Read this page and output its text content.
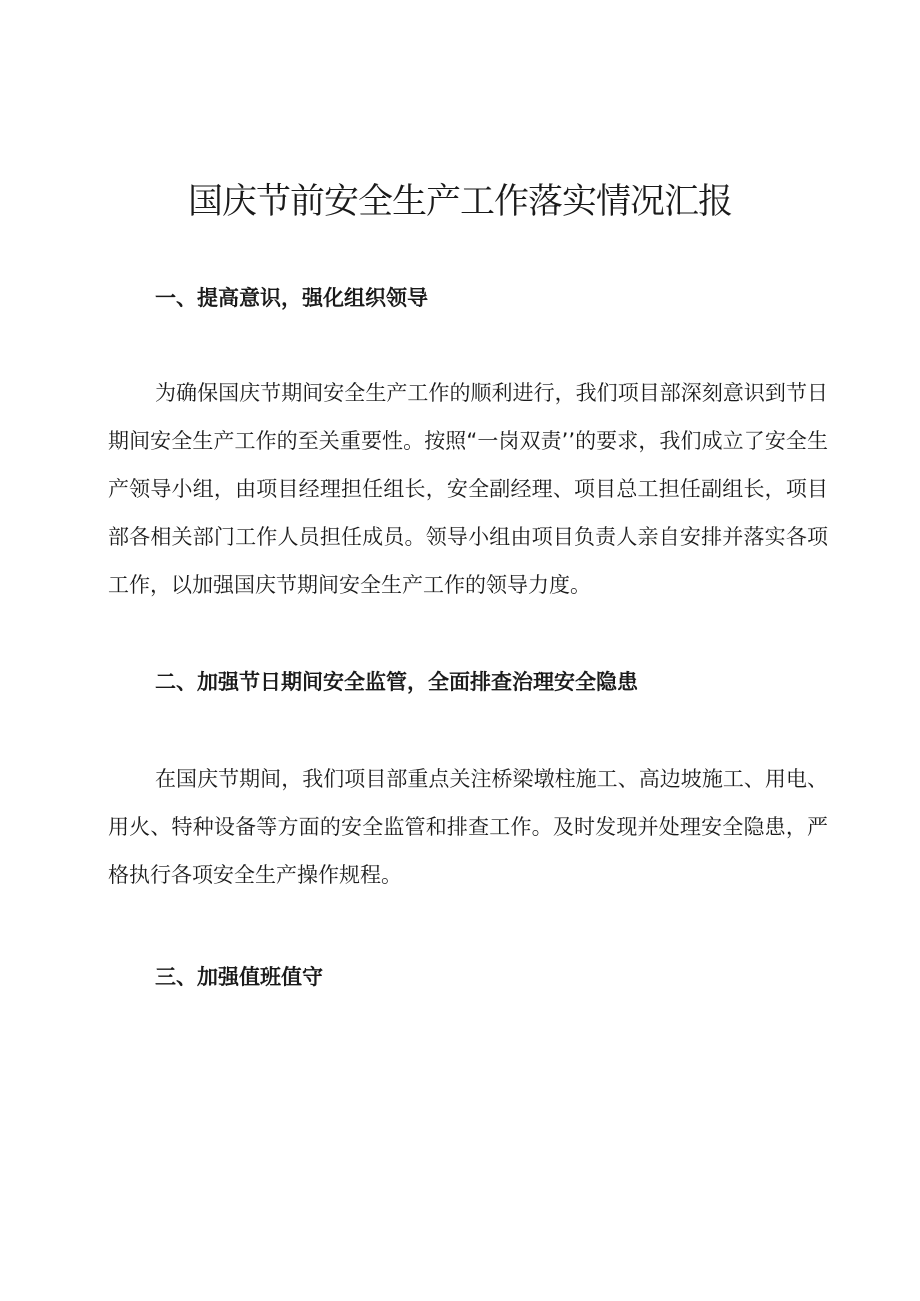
国庆节前安全生产工作落实情况汇报
一、提高意识，强化组织领导

为确保国庆节期间安全生产工作的顺利进行，我们项目部深刻意识到节日期间安全生产工作的至关重要性。按照“一岗双责’’的要求，我们成立了安全生产领导小组，由项目经理担任组长，安全副经理、项目总工担任副组长，项目部各相关部门工作人员担任成员。领导小组由项目负责人亲自安排并落实各项工作，以加强国庆节期间安全生产工作的领导力度。

二、加强节日期间安全监管，全面排查治理安全隐患

在国庆节期间，我们项目部重点关注桥梁墩柱施工、高边坡施工、用电、用火、特种设备等方面的安全监管和排查工作。及时发现并处理安全隐患，严格执行各项安全生产操作规程。

三、加强值班值守
